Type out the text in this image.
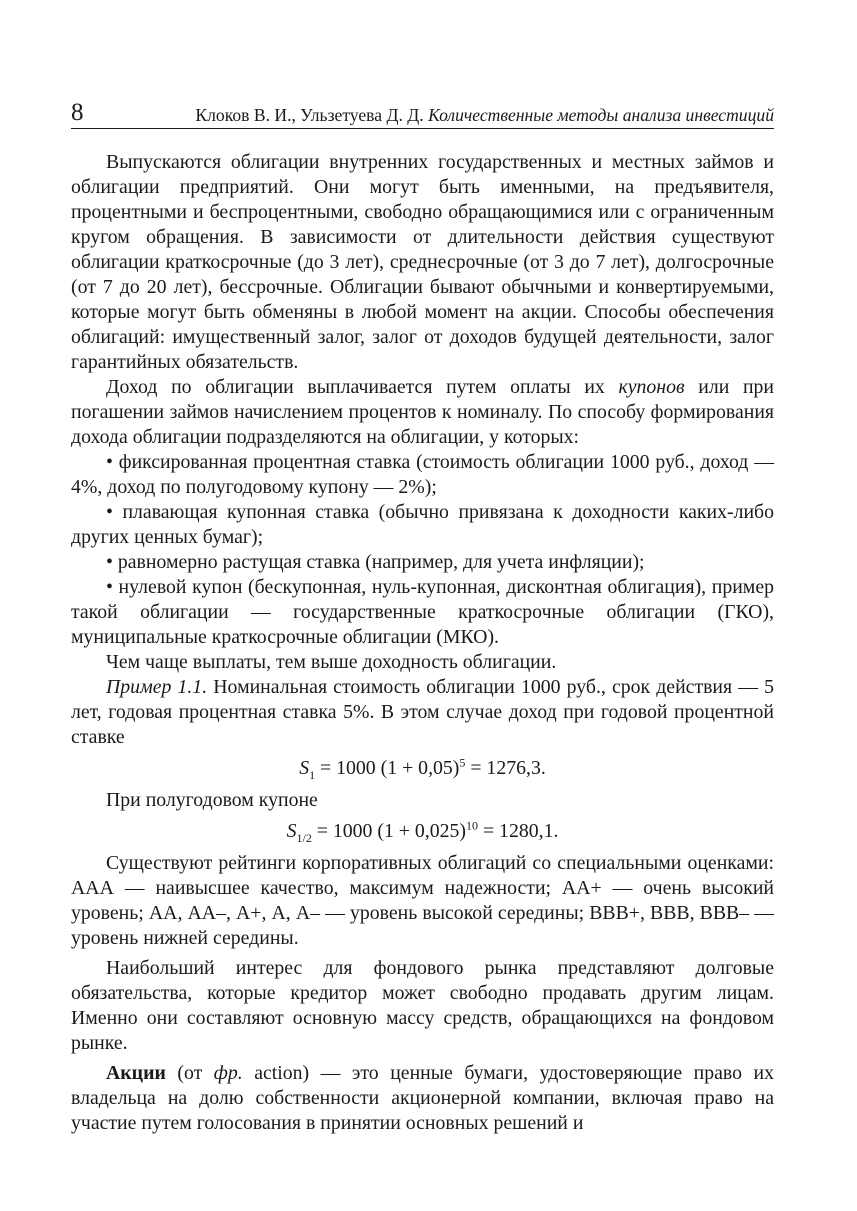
8	Клоков В. И., Ульзетуева Д. Д. Количественные методы анализа инвестиций

Выпускаются облигации внутренних государственных и местных займов и облигации предприятий. Они могут быть именными, на предъявителя, процентными и беспроцентными, свободно обращающимися или с ограниченным кругом обращения. В зависимости от длительности действия существуют облигации краткосрочные (до 3 лет), среднесрочные (от 3 до 7 лет), долгосрочные (от 7 до 20 лет), бессрочные. Облигации бывают обычными и конвертируемыми, которые могут быть обменяны в любой момент на акции. Способы обеспечения облигаций: имущественный залог, залог от доходов будущей деятельности, залог гарантийных обязательств.

Доход по облигации выплачивается путем оплаты их купонов или при погашении займов начислением процентов к номиналу. По способу формирования дохода облигации подразделяются на облигации, у которых:

• фиксированная процентная ставка (стоимость облигации 1000 руб., доход — 4%, доход по полугодовому купону — 2%);

• плавающая купонная ставка (обычно привязана к доходности каких-либо других ценных бумаг);

• равномерно растущая ставка (например, для учета инфляции);

• нулевой купон (бескупонная, нуль-купонная, дисконтная облигация), пример такой облигации — государственные краткосрочные облигации (ГКО), муниципальные краткосрочные облигации (МКО).

Чем чаще выплаты, тем выше доходность облигации.

Пример 1.1. Номинальная стоимость облигации 1000 руб., срок действия — 5 лет, годовая процентная ставка 5%. В этом случае доход при годовой процентной ставке

$S_1 = 1000$ $(1 + 0,05)^5 = 1276,3$.

При полугодовом купоне

$S_{1/2} = 1000$ $(1 + 0,025)^{10} = 1280,1$.

Существуют рейтинги корпоративных облигаций со специальными оценками: ААА — наивысшее качество, максимум надежности; АА+ — очень высокий уровень; АА, АА–, А+, А, А– — уровень высокой середины; ВВВ+, ВВВ, ВВВ– — уровень нижней середины.

Наибольший интерес для фондового рынка представляют долговые обязательства, которые кредитор может свободно продавать другим лицам. Именно они составляют основную массу средств, обращающихся на фондовом рынке.

Акции (от фр. action) — это ценные бумаги, удостоверяющие право их владельца на долю собственности акционерной компании, включая право на участие путем голосования в принятии основных решений и
